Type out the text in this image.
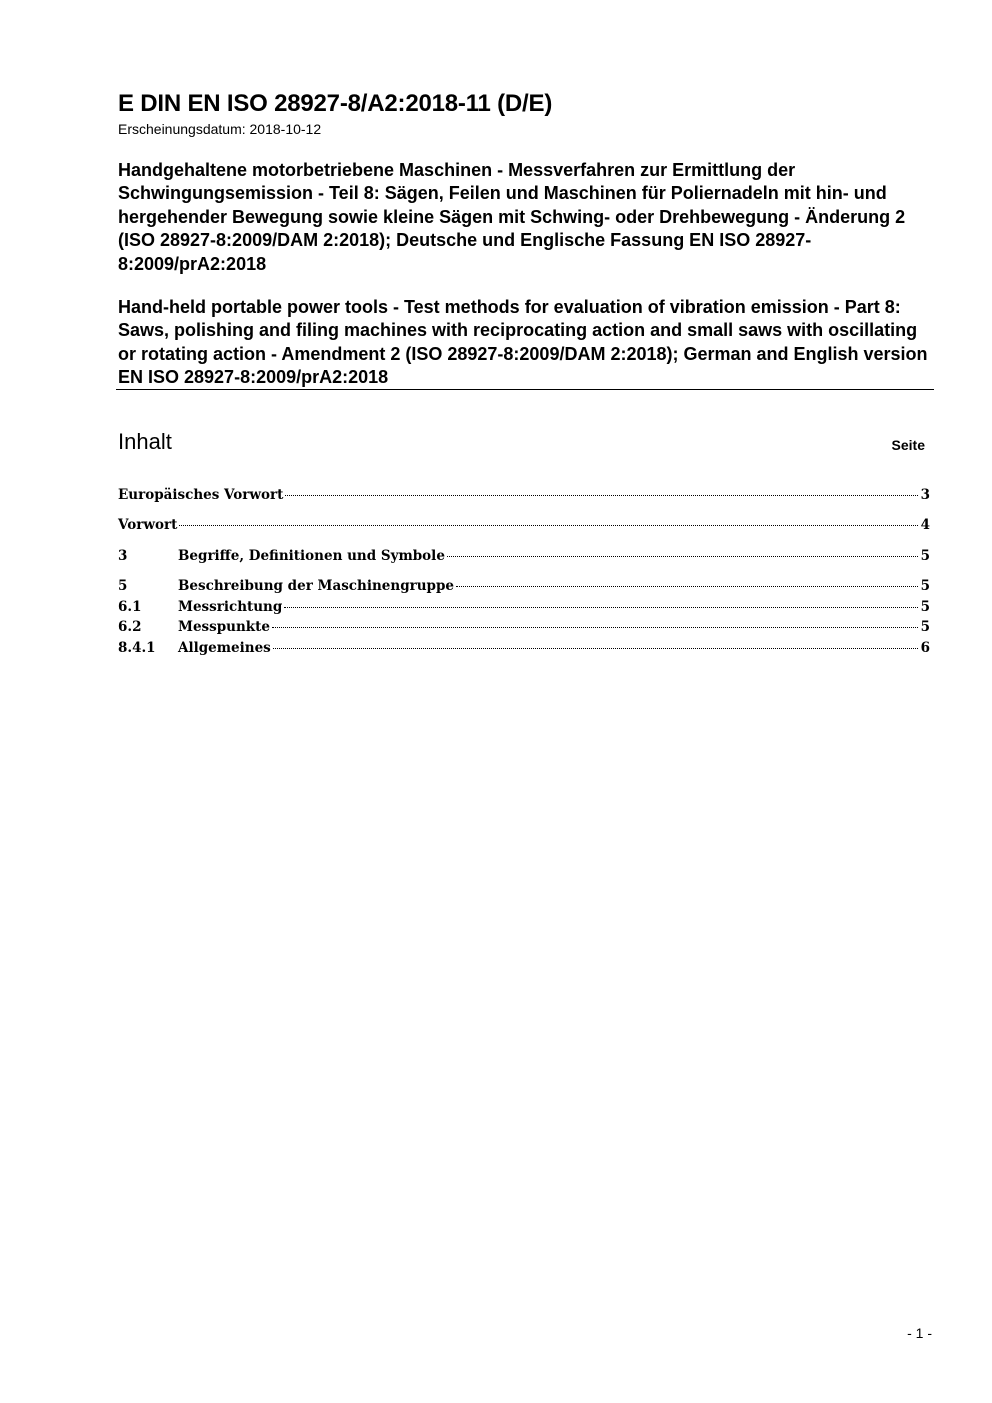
E DIN EN ISO 28927-8/A2:2018-11 (D/E)
Erscheinungsdatum: 2018-10-12

Handgehaltene motorbetriebene Maschinen - Messverfahren zur Ermittlung der Schwingungsemission - Teil 8: Sägen, Feilen und Maschinen für Poliernadeln mit hin- und hergehender Bewegung sowie kleine Sägen mit Schwing- oder Drehbewegung - Änderung 2 (ISO 28927-8:2009/DAM 2:2018); Deutsche und Englische Fassung EN ISO 28927-8:2009/prA2:2018

Hand-held portable power tools - Test methods for evaluation of vibration emission - Part 8: Saws, polishing and filing machines with reciprocating action and small saws with oscillating or rotating action - Amendment 2 (ISO 28927-8:2009/DAM 2:2018); German and English version EN ISO 28927-8:2009/prA2:2018

Inhalt	Seite
Europäisches Vorwort	3
Vorwort	4
3	Begriffe, Definitionen und Symbole	5
5	Beschreibung der Maschinengruppe	5
6.1	Messrichtung	5
6.2	Messpunkte	5
8.4.1	Allgemeines	6
- 1 -
